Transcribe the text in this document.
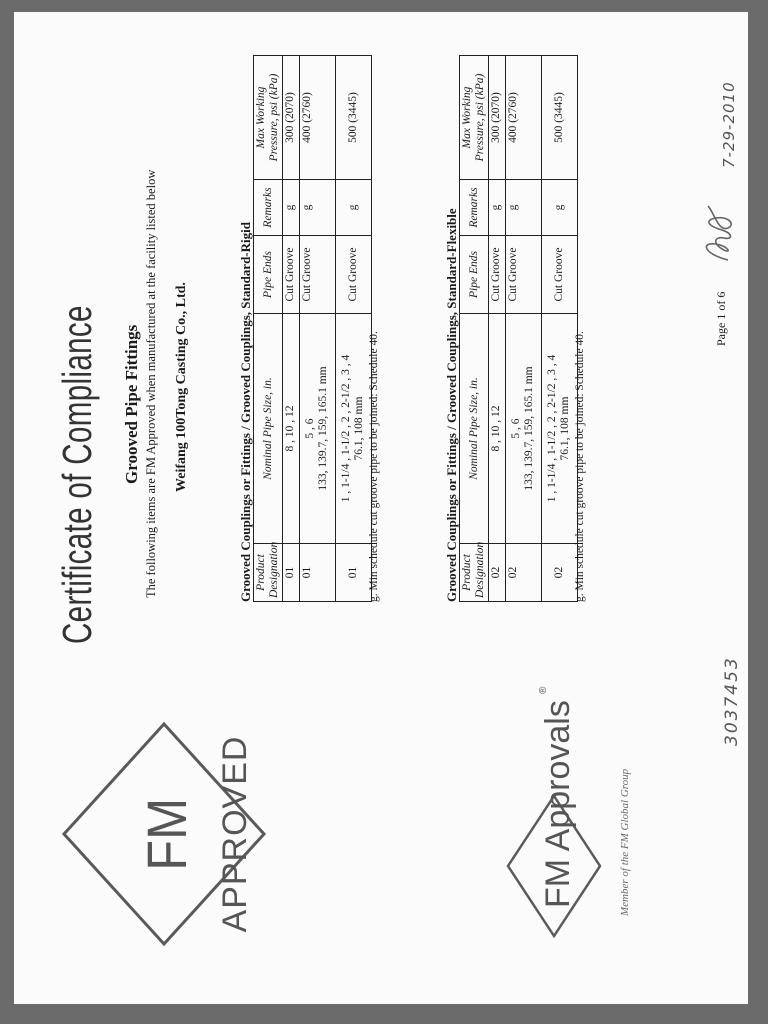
FM APPROVED	FM Approvals
®
Member of the FM Global Group
Certificate of Compliance Grooved Pipe Fittings The following items are FM Approved when manufactured at the facility listed below Weifang 100Tong Casting Co., Ltd.	Grooved Couplings or Fittings / Grooved Couplings, Standard-Rigid Product
Designation	Nominal Pipe Size, in.	Pipe Ends	Remarks	Max Working
Pressure, psi (kPa)
01	8 , 10 , 12	Cut Groove	g	300 (2070)
01	5 , 6
133, 139.7, 159, 165.1 mm	Cut Groove	g	400 (2760)
01	1 , 1-1/4 , 1-1/2 , 2 , 2-1/2 , 3 , 4
76.1, 108 mm	Cut Groove	g	500 (3445)
g. Min schedule cut groove pipe to be joined: Schedule 40.	Grooved Couplings or Fittings / Grooved Couplings, Standard-Flexible Product
Designation	Nominal Pipe Size, in.	Pipe Ends	Remarks	Max Working
Pressure, psi (kPa)
02	8 , 10 , 12	Cut Groove	g	300 (2070)
02	5 , 6
133, 139.7, 159, 165.1 mm	Cut Groove	g	400 (2760)
02	1 , 1-1/4 , 1-1/2 , 2 , 2-1/2 , 3 , 4
76.1, 108 mm	Cut Groove	g	500 (3445)
g. Min schedule cut groove pipe to be joined: Schedule 40.
Page 1 of 6
3037453
7-29-2010
